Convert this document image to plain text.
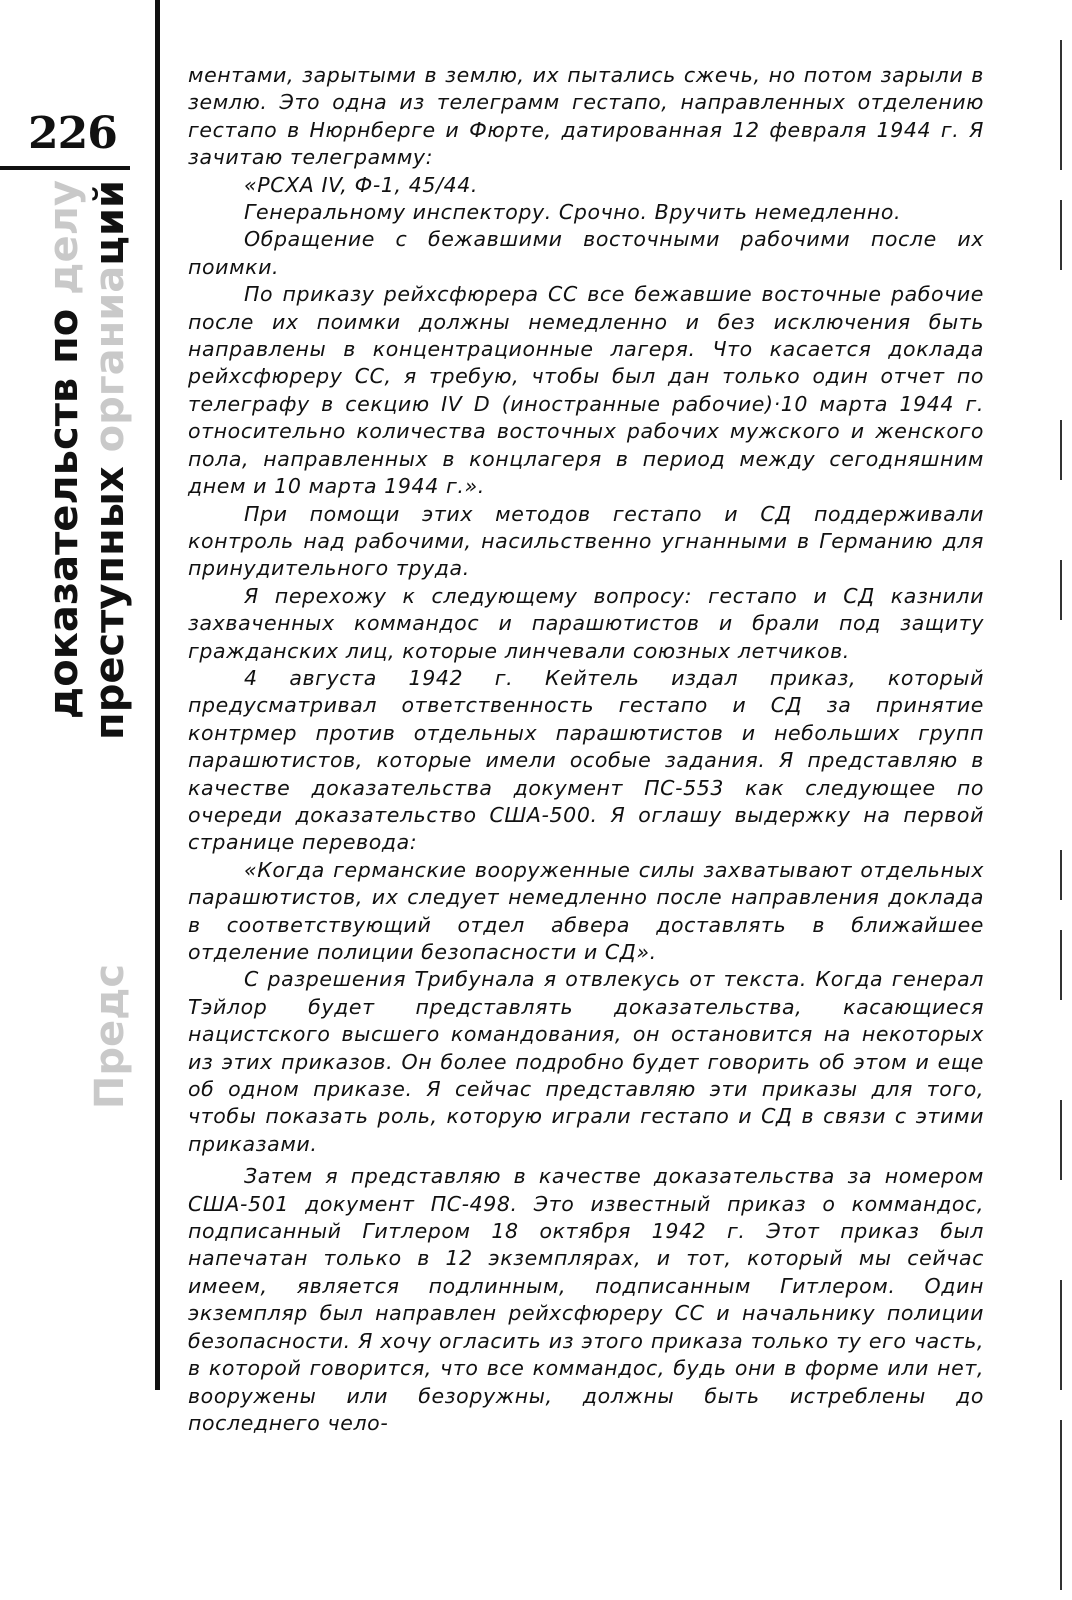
226
доказательств по делу
Предс преступных органиаций

ментами, зарытыми в землю, их пытались сжечь, но потом зарыли в землю. Это одна из телеграмм гестапо, направленных отделению гестапо в Нюрнберге и Фюрте, датированная 12 февраля 1944 г. Я зачитаю телеграмму:

«РСХА IV, Ф-1, 45/44.

Генеральному инспектору. Срочно. Вручить немедленно.

Обращение с бежавшими восточными рабочими после их поимки.

По приказу рейхсфюрера СС все бежавшие восточные рабочие после их поимки должны немедленно и без исключения быть направлены в концентрационные лагеря. Что касается доклада рейхсфюреру СС, я требую, чтобы был дан только один отчет по телеграфу в секцию IV D (иностранные рабочие)·10 марта 1944 г. относительно количества восточных рабочих мужского и женского пола, направленных в концлагеря в период между сегодняшним днем и 10 марта 1944 г.».

При помощи этих методов гестапо и СД поддерживали контроль над рабочими, насильственно угнанными в Германию для принудительного труда.

Я перехожу к следующему вопросу: гестапо и СД казнили захваченных коммандос и парашютистов и брали под защиту гражданских лиц, которые линчевали союзных летчиков.

4 августа 1942 г. Кейтель издал приказ, который предусматривал ответственность гестапо и СД за принятие контрмер против отдельных парашютистов и небольших групп парашютистов, которые имели особые задания. Я представляю в качестве доказательства документ ПС-553 как следующее по очереди доказательство США-500. Я оглашу выдержку на первой странице перевода:

«Когда германские вооруженные силы захватывают отдельных парашютистов, их следует немедленно после направления доклада в соответствующий отдел абвера доставлять в ближайшее отделение полиции безопасности и СД».

С разрешения Трибунала я отвлекусь от текста. Когда генерал Тэйлор будет представлять доказательства, касающиеся нацистского высшего командования, он остановится на некоторых из этих приказов. Он более подробно будет говорить об этом и еще об одном приказе. Я сейчас представляю эти приказы для того, чтобы показать роль, которую играли гестапо и СД в связи с этими приказами.

Затем я представляю в качестве доказательства за номером США-501 документ ПС-498. Это известный приказ о коммандос, подписанный Гитлером 18 октября 1942 г. Этот приказ был напечатан только в 12 экземплярах, и тот, который мы сейчас имеем, является подлинным, подписанным Гитлером. Один экземпляр был направлен рейхсфюреру СС и начальнику полиции безопасности. Я хочу огласить из этого приказа только ту его часть, в которой говорится, что все коммандос, будь они в форме или нет, вооружены или безоружны, должны быть истреблены до последнего чело-
